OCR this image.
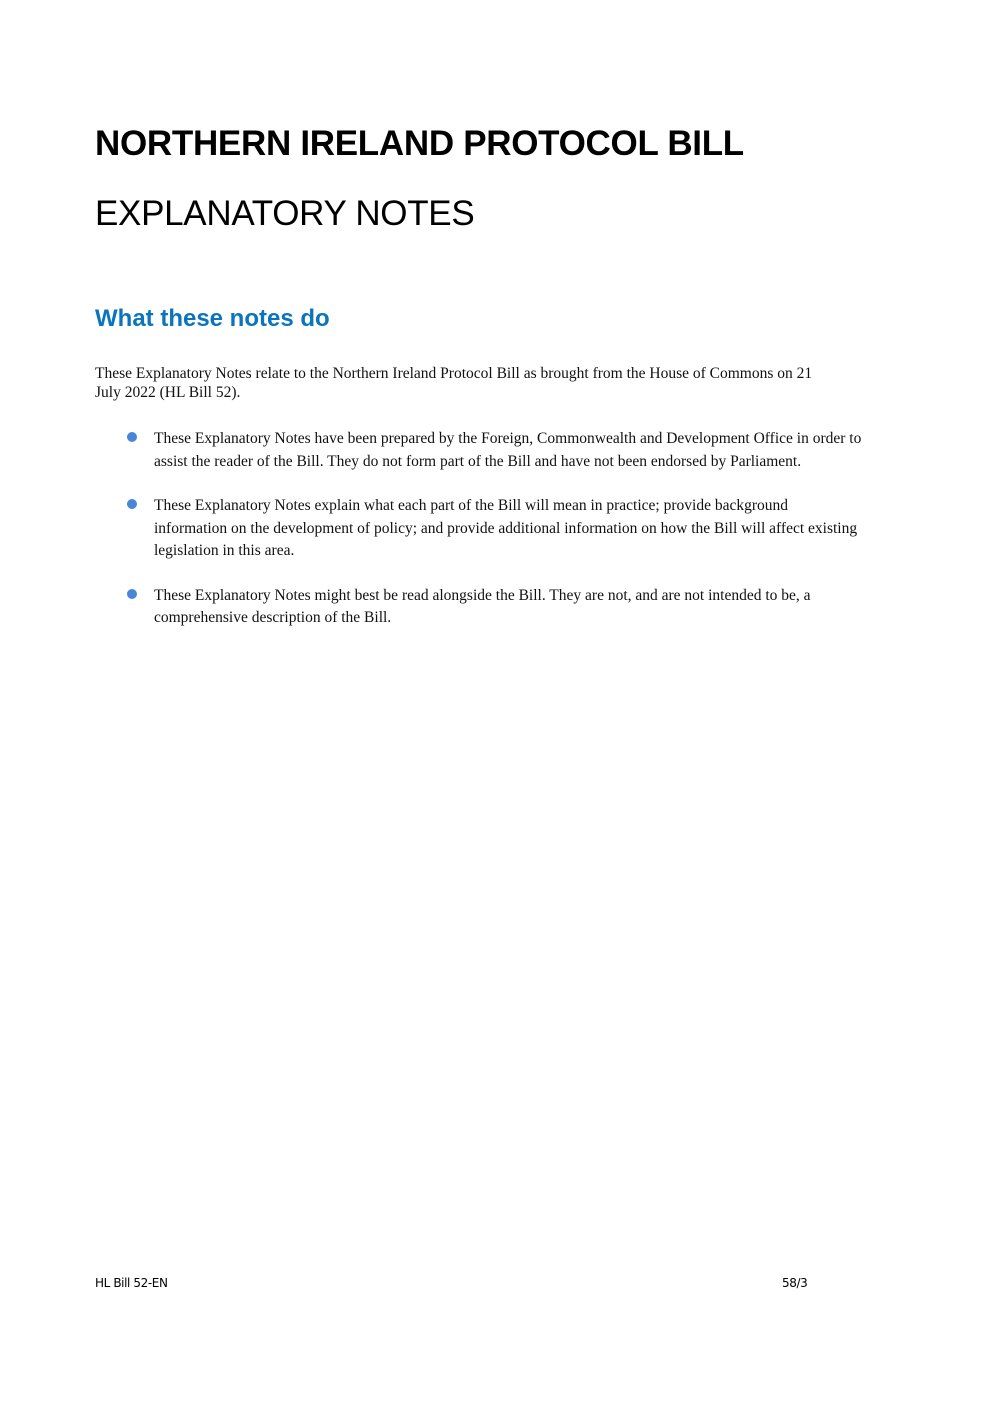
NORTHERN IRELAND PROTOCOL BILL
EXPLANATORY NOTES
What these notes do

These Explanatory Notes relate to the Northern Ireland Protocol Bill as brought from the House of Commons on 21 July 2022 (HL Bill 52).

These Explanatory Notes have been prepared by the Foreign, Commonwealth and Development Office in order to assist the reader of the Bill. They do not form part of the Bill and have not been endorsed by Parliament.
These Explanatory Notes explain what each part of the Bill will mean in practice; provide background information on the development of policy; and provide additional information on how the Bill will affect existing legislation in this area.
These Explanatory Notes might best be read alongside the Bill. They are not, and are not intended to be, a comprehensive description of the Bill.
HL Bill 52-EN	58/3
